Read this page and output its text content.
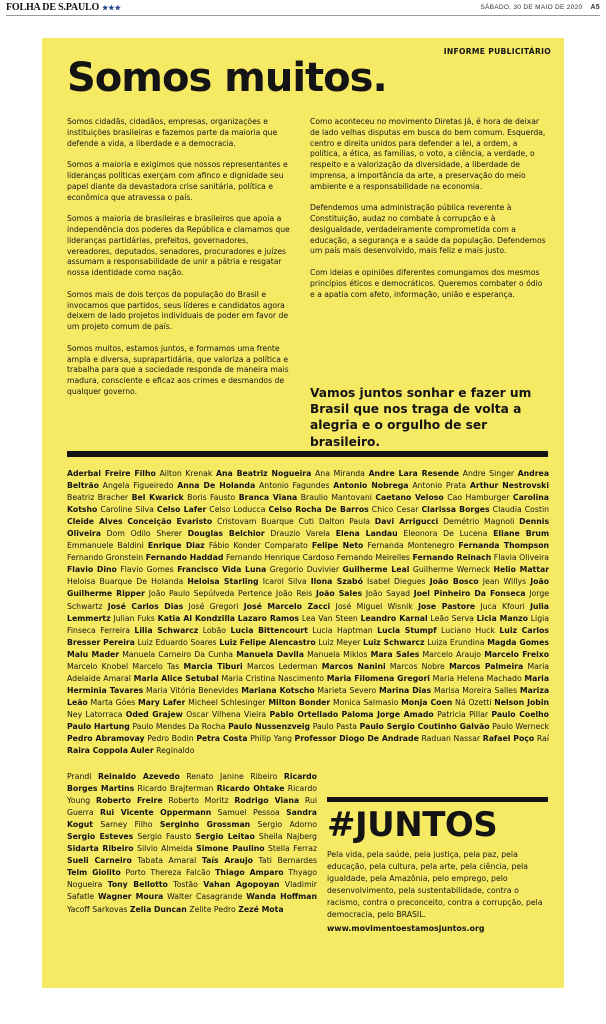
FOLHA DE S.PAULO ★★★	SÁBADO, 30 DE MAIO DE 2020 A5
INFORME PUBLICITÁRIO
Somos muitos.

Somos cidadãs, cidadãos, empresas, organizações e instituições brasileiras e fazemos parte da maioria que defende a vida, a liberdade e a democracia.

Somos a maioria e exigimos que nossos representantes e lideranças políticas exerçam com afinco e dignidade seu papel diante da devastadora crise sanitária, política e econômica que atravessa o país.

Somos a maioria de brasileiras e brasileiros que apoia a independência dos poderes da República e clamamos que lideranças partidárias, prefeitos, governadores, vereadores, deputados, senadores, procuradores e juízes assumam a responsabilidade de unir a pátria e resgatar nossa identidade como nação.

Somos mais de dois terços da população do Brasil e invocamos que partidos, seus líderes e candidatos agora deixem de lado projetos individuais de poder em favor de um projeto comum de país.

Somos muitos, estamos juntos, e formamos uma frente ampla e diversa, suprapartidária, que valoriza a política e trabalha para que a sociedade responda de maneira mais madura, consciente e eficaz aos crimes e desmandos de qualquer governo.

Como aconteceu no movimento Diretas Já, é hora de deixar de lado velhas disputas em busca do bem comum. Esquerda, centro e direita unidos para defender a lei, a ordem, a política, a ética, as famílias, o voto, a ciência, a verdade, o respeito e a valorização da diversidade, a liberdade de imprensa, a importância da arte, a preservação do meio ambiente e a responsabilidade na economia.

Defendemos uma administração pública reverente à Constituição, audaz no combate à corrupção e à desigualdade, verdadeiramente comprometida com a educação, a segurança e a saúde da população. Defendemos um país mais desenvolvido, mais feliz e mais justo.

Com ideias e opiniões diferentes comungamos dos mesmos princípios éticos e democráticos. Queremos combater o ódio e a apatia com afeto, informação, união e esperança.

Vamos juntos sonhar e fazer um Brasil que nos traga de volta a alegria e o orgulho de ser brasileiro.
Aderbal Freire Filho Ailton Krenak Ana Beatriz Nogueira Ana Miranda Andre Lara Resende Andre Singer Andrea Beltrão Angela Figueiredo Anna De Holanda Antonio Fagundes Antonio Nobrega Antonio Prata Arthur Nestrovski Beatriz Bracher Bel Kwarick Boris Fausto Branca Viana Braulio Mantovani Caetano Veloso Cao Hamburger Carolina Kotsho Caroline Silva Celso Lafer Celso Loducca Celso Rocha De Barros Chico Cesar Clarissa Borges Claudia Costin Cleide Alves Conceição Evaristo Cristovam Buarque Cuti Dalton Paula Davi Arrigucci Demétrio Magnoli Dennis Oliveira Dom Odilo Sherer Douglas Belchior Drauzio Varela Elena Landau Eleonora De Lucena Eliane Brum Emmanuele Baldini Enrique Diaz Fábio Konder Comparato Felipe Neto Fernanda Montenegro Fernanda Thompson Fernando Gronstein Fernando Haddad Fernando Henrique Cardoso Fernando Meirelles Fernando Reinach Flavia Oliveira Flavio Dino Flavio Gomes Francisco Vida Luna Gregorio Duvivier Guilherme Leal Guilherme Werneck Helio Mattar Heloisa Buarque De Holanda Heloisa Starling Icarol Silva Ilona Szabó Isabel Diegues João Bosco Jean Willys João Guilherme Ripper João Paulo Sepúlveda Pertence João Reis João Sales João Sayad Joel Pinheiro Da Fonseca Jorge Schwartz José Carlos Dias José Gregori José Marcelo Zacci José Miguel Wisnik Jose Pastore Juca Kfouri Julia Lemmertz Julian Fuks Katia Al Kondzilla Lazaro Ramos Lea Van Steen Leandro Karnal Leão Serva Licia Manzo Ligia Finseca Ferreira Lilia Schwarcz Lobão Lucia Bittencourt Lucia Haptman Lucia Stumpf Luciano Huck Luiz Carlos Bresser Pereira Luiz Eduardo Soares Luiz Felipe Alencastro Luiz Meyer Luiz Schwarcz Luiza Erundina Magda Gomes Malu Mader Manuela Carneiro Da Cunha Manuela Davila Manuela Miklos Mara Sales Marcelo Araujo Marcelo Freixo Marcelo Knobel Marcelo Tas Marcia Tiburi Marcos Lederman Marcos Nanini Marcos Nobre Marcos Palmeira Maria Adelaide Amaral Maria Alice Setubal Maria Cristina Nascimento Maria Filomena Gregori Maria Helena Machado Maria Herminia Tavares Maria Vitória Benevides Mariana Kotscho Marieta Severo Marina Dias Marisa Moreira Salles Mariza Leão Marta Góes Mary Lafer Micheel Schlesinger Milton Bonder Monica Salmasio Monja Coen Ná Ozetti Nelson Jobin Ney Latorraca Oded Grajew Oscar Vilhena Vieira Pablo Ortellado Paloma Jorge Amado Patricia Pillar Paulo Coelho Paulo Hartung Paulo Mendes Da Rocha Paulo Nussenzveig Paulo Pasta Paulo Sergio Coutinho Galvão Paulo Werneck Pedro Abramovay Pedro Bodin Petra Costa Philip Yang Professor Diogo De Andrade Raduan Nassar Rafael Poço Raí Raira Coppola Auler Reginaldo
Prandi Reinaldo Azevedo Renato Janine Ribeiro Ricardo Borges Martins Ricardo Brajterman Ricardo Ohtake Ricardo Young Roberto Freire Roberto Moritz Rodrigo Viana Rui Guerra Rui Vicente Oppermann Samuel Pessoa Sandra Kogut Sarney Filho Serginho Grossman Sergio Adorno Sergio Esteves Sergio Fausto Sergio Leitao Sheila Najberg Sidarta Ribeiro Silvio Almeida Simone Paulino Stella Ferraz Sueli Carneiro Tabata Amaral Taís Araujo Tati Bernardes Telm Giolito Porto Thereza Falcão Thiago Amparo Thyago Nogueira Tony Bellotto Tostão Vahan Agopoyan Vladimir Safatle Wagner Moura Walter Casagrande Wanda Hoffman Yacoff Sarkovas Zelia Duncan Zelite Pedro Zezé Mota
#JUNTOS
Pela vida, pela saúde, pela justiça, pela paz, pela educação, pela cultura, pela arte, pela ciência, pela igualdade, pela Amazônia, pelo emprego, pelo desenvolvimento, pela sustentabilidade, contra o racismo, contra o preconceito, contra a corrupção, pela democracia, pelo BRASIL.
www.movimentoestamosjuntos.org
